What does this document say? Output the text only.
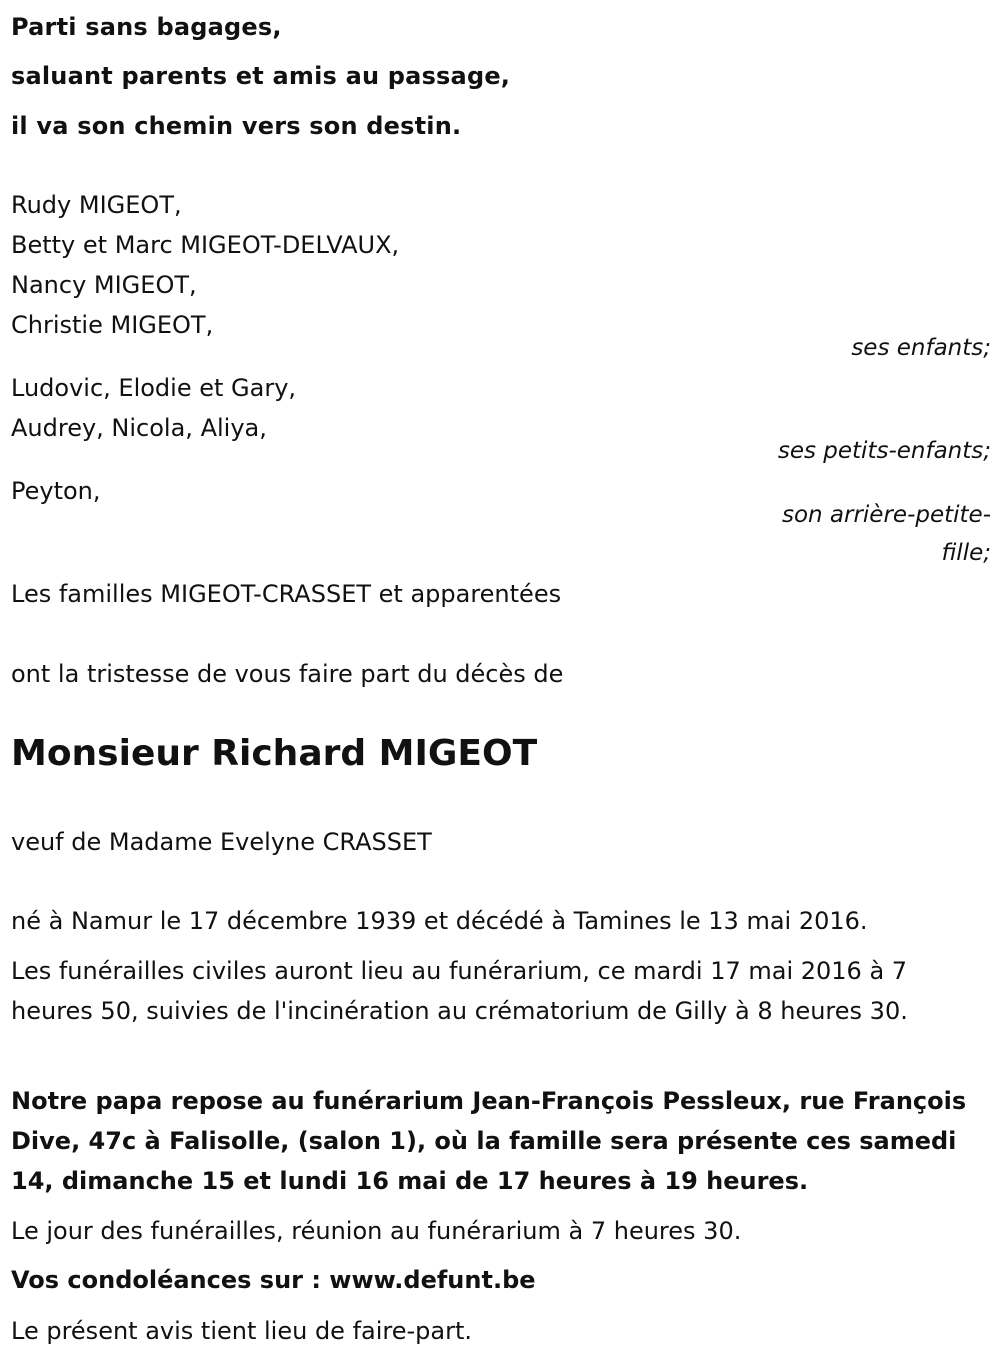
Parti sans bagages,
saluant parents et amis au passage,
il va son chemin vers son destin.
Rudy MIGEOT,
Betty et Marc MIGEOT-DELVAUX,
Nancy MIGEOT,
Christie MIGEOT,
ses enfants;
Ludovic, Elodie et Gary,
Audrey, Nicola, Aliya,
ses petits-enfants;
Peyton,
son arrière-petite-
fille;
Les familles MIGEOT-CRASSET et apparentées
ont la tristesse de vous faire part du décès de
Monsieur Richard MIGEOT
veuf de Madame Evelyne CRASSET
né à Namur le 17 décembre 1939 et décédé à Tamines le 13 mai 2016.
Les funérailles civiles auront lieu au funérarium, ce mardi 17 mai 2016 à 7 heures 50, suivies de l'incinération au crématorium de Gilly à 8 heures 30.
Notre papa repose au funérarium Jean-François Pessleux, rue François Dive, 47c à Falisolle, (salon 1), où la famille sera présente ces samedi 14, dimanche 15 et lundi 16 mai de 17 heures à 19 heures.
Le jour des funérailles, réunion au funérarium à 7 heures 30.
Vos condoléances sur : www.defunt.be
Le présent avis tient lieu de faire-part.
